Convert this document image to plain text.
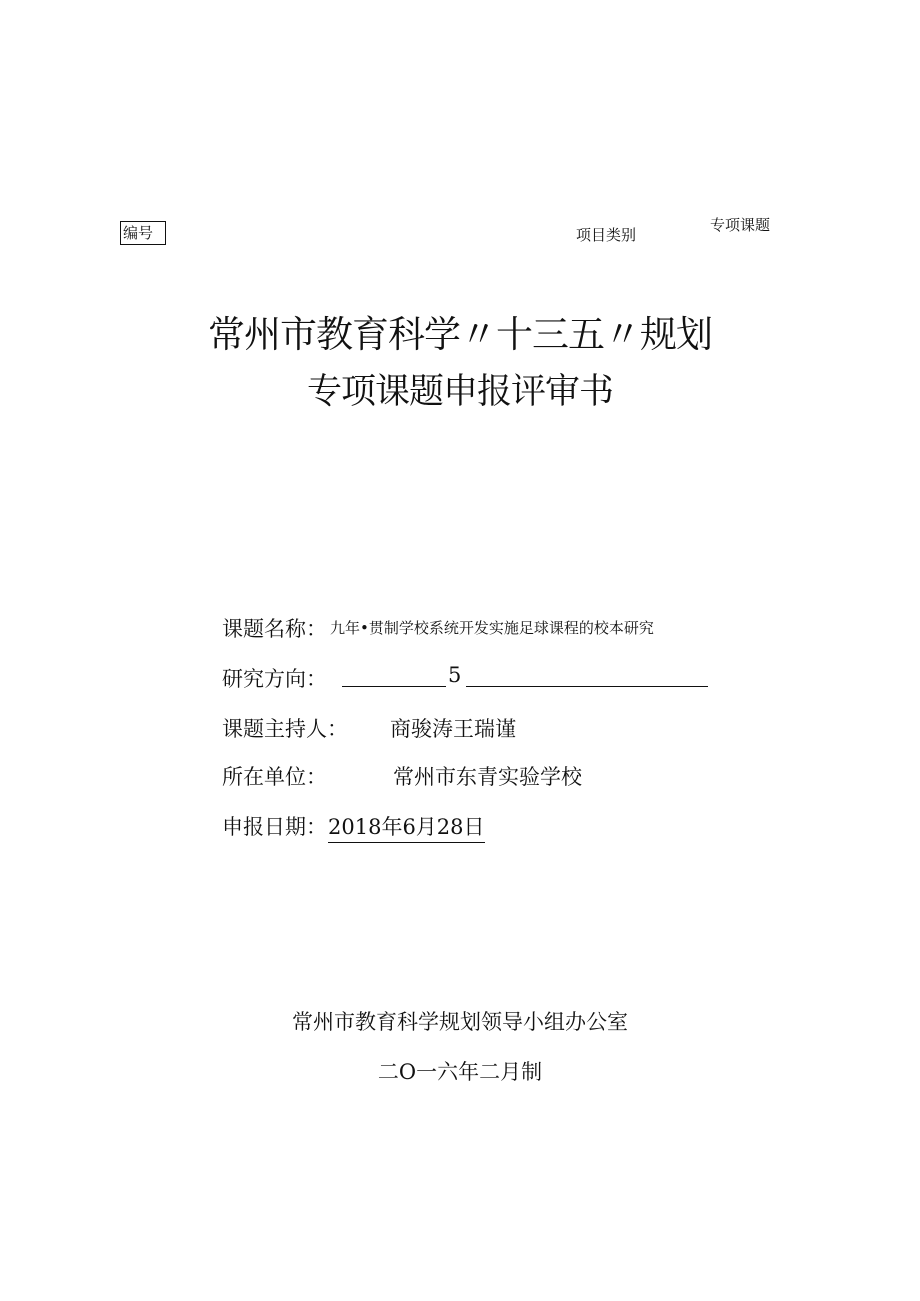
编号	项目类别
专项课题
常州市教育科学〃十三五〃规划
专项课题申报评审书
课题名称： 九年•贯制学校系统开发实施足球课程的校本研究
研究方向：	5
课题主持人： 商骏涛王瑞谨
所在单位：	常州市东青实验学校
申报日期： 2018年6月28日
常州市教育科学规划领导小组办公室
二O一六年二月制
